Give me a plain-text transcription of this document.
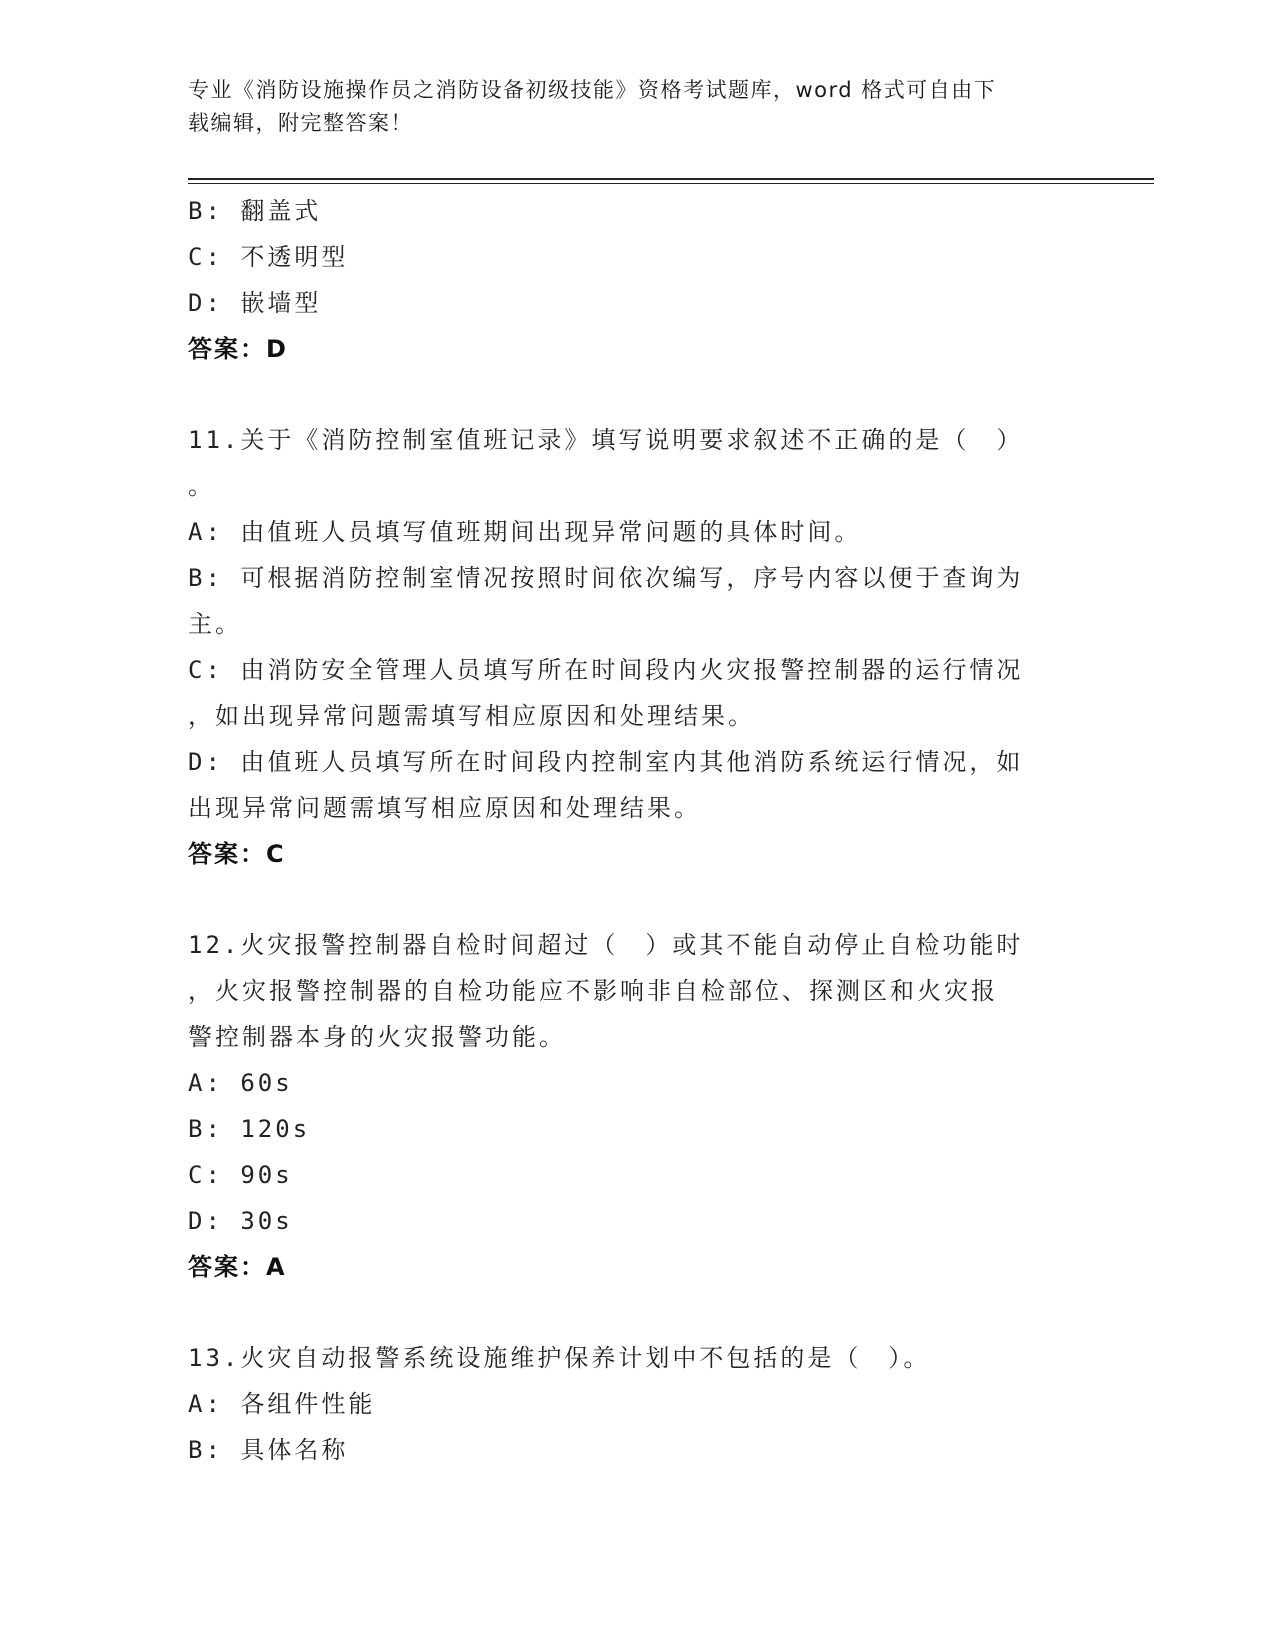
专业《消防设施操作员之消防设备初级技能》资格考试题库，word 格式可自由下
载编辑，附完整答案！
B: 翻盖式
C: 不透明型
D: 嵌墙型
答案：D
11.关于《消防控制室值班记录》填写说明要求叙述不正确的是（　）
。
A: 由值班人员填写值班期间出现异常问题的具体时间。
B: 可根据消防控制室情况按照时间依次编写，序号内容以便于查询为
主。
C: 由消防安全管理人员填写所在时间段内火灾报警控制器的运行情况
，如出现异常问题需填写相应原因和处理结果。
D: 由值班人员填写所在时间段内控制室内其他消防系统运行情况，如
出现异常问题需填写相应原因和处理结果。
答案：C
12.火灾报警控制器自检时间超过（　）或其不能自动停止自检功能时
，火灾报警控制器的自检功能应不影响非自检部位、探测区和火灾报
警控制器本身的火灾报警功能。
A: 60s
B: 120s
C: 90s
D: 30s
答案：A
13.火灾自动报警系统设施维护保养计划中不包括的是（　）。
A: 各组件性能
B: 具体名称
